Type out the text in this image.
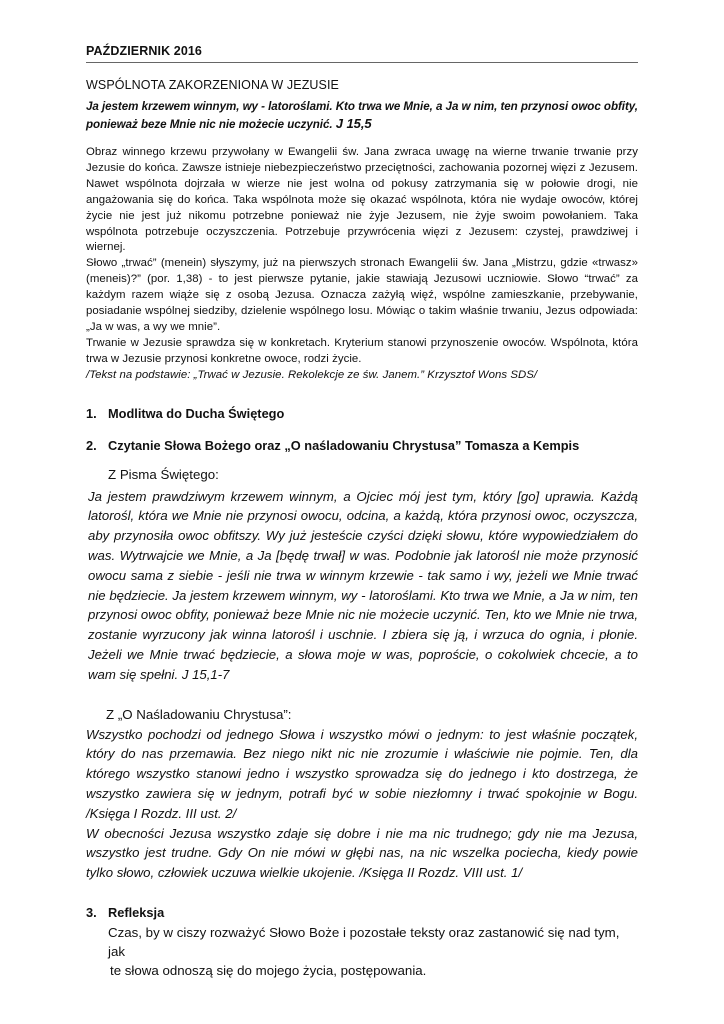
PAŹDZIERNIK 2016
WSPÓLNOTA ZAKORZENIONA W JEZUSIE
Ja jestem krzewem winnym, wy - latoroślami. Kto trwa we Mnie, a Ja w nim, ten przynosi owoc obfity, ponieważ beze Mnie nic nie możecie uczynić. J 15,5

Obraz winnego krzewu przywołany w Ewangelii św. Jana zwraca uwagę na wierne trwanie trwanie przy Jezusie do końca. Zawsze istnieje niebezpieczeństwo przeciętności, zachowania pozornej więzi z Jezusem. Nawet wspólnota dojrzała w wierze nie jest wolna od pokusy zatrzymania się w połowie drogi, nie angażowania się do końca. Taka wspólnota może się okazać wspólnota, która nie wydaje owoców, której życie nie jest już nikomu potrzebne ponieważ nie żyje Jezusem, nie żyje swoim powołaniem. Taka wspólnota potrzebuje oczyszczenia. Potrzebuje przywrócenia więzi z Jezusem: czystej, prawdziwej i wiernej.

Słowo „trwać” (menein) słyszymy, już na pierwszych stronach Ewangelii św. Jana „Mistrzu, gdzie «trwasz» (meneis)?” (por. 1,38) - to jest pierwsze pytanie, jakie stawiają Jezusowi uczniowie. Słowo “trwać” za każdym razem wiąże się z osobą Jezusa. Oznacza zażyłą więź, wspólne zamieszkanie, przebywanie, posiadanie wspólnej siedziby, dzielenie wspólnego losu. Mówiąc o takim właśnie trwaniu, Jezus odpowiada: „Ja w was, a wy we mnie”.

Trwanie w Jezusie sprawdza się w konkretach. Kryterium stanowi przynoszenie owoców. Wspólnota, która trwa w Jezusie przynosi konkretne owoce, rodzi życie.

/Tekst na podstawie: „Trwać w Jezusie. Rekolekcje ze św. Janem.” Krzysztof Wons SDS/

1. Modlitwa do Ducha Świętego
2. Czytanie Słowa Bożego oraz „O naśladowaniu Chrystusa” Tomasza a Kempis
Z Pisma Świętego:

Ja jestem prawdziwym krzewem winnym, a Ojciec mój jest tym, który [go] uprawia. Każdą latorośl, która we Mnie nie przynosi owocu, odcina, a każdą, która przynosi owoc, oczyszcza, aby przynosiła owoc obfitszy. Wy już jesteście czyści dzięki słowu, które wypowiedziałem do was. Wytrwajcie we Mnie, a Ja [będę trwał] w was. Podobnie jak latorośl nie może przynosić owocu sama z siebie - jeśli nie trwa w winnym krzewie - tak samo i wy, jeżeli we Mnie trwać nie będziecie. Ja jestem krzewem winnym, wy - latoroślami. Kto trwa we Mnie, a Ja w nim, ten przynosi owoc obfity, ponieważ beze Mnie nic nie możecie uczynić. Ten, kto we Mnie nie trwa, zostanie wyrzucony jak winna latorośl i uschnie. I zbiera się ją, i wrzuca do ognia, i płonie. Jeżeli we Mnie trwać będziecie, a słowa moje w was, poproście, o cokolwiek chcecie, a to wam się spełni. J 15,1-7

Z „O Naśladowaniu Chrystusa”:

Wszystko pochodzi od jednego Słowa i wszystko mówi o jednym: to jest właśnie początek, który do nas przemawia. Bez niego nikt nic nie zrozumie i właściwie nie pojmie. Ten, dla którego wszystko stanowi jedno i wszystko sprowadza się do jednego i kto dostrzega, że wszystko zawiera się w jednym, potrafi być w sobie niezłomny i trwać spokojnie w Bogu. /Księga I Rozdz. III ust. 2/

W obecności Jezusa wszystko zdaje się dobre i nie ma nic trudnego; gdy nie ma Jezusa, wszystko jest trudne. Gdy On nie mówi w głębi nas, na nic wszelka pociecha, kiedy powie tylko słowo, człowiek uczuwa wielkie ukojenie. /Księga II Rozdz. VIII ust. 1/

3. Refleksja
Czas, by w ciszy rozważyć Słowo Boże i pozostałe teksty oraz zastanowić się nad tym, jak
te słowa odnoszą się do mojego życia, postępowania.
